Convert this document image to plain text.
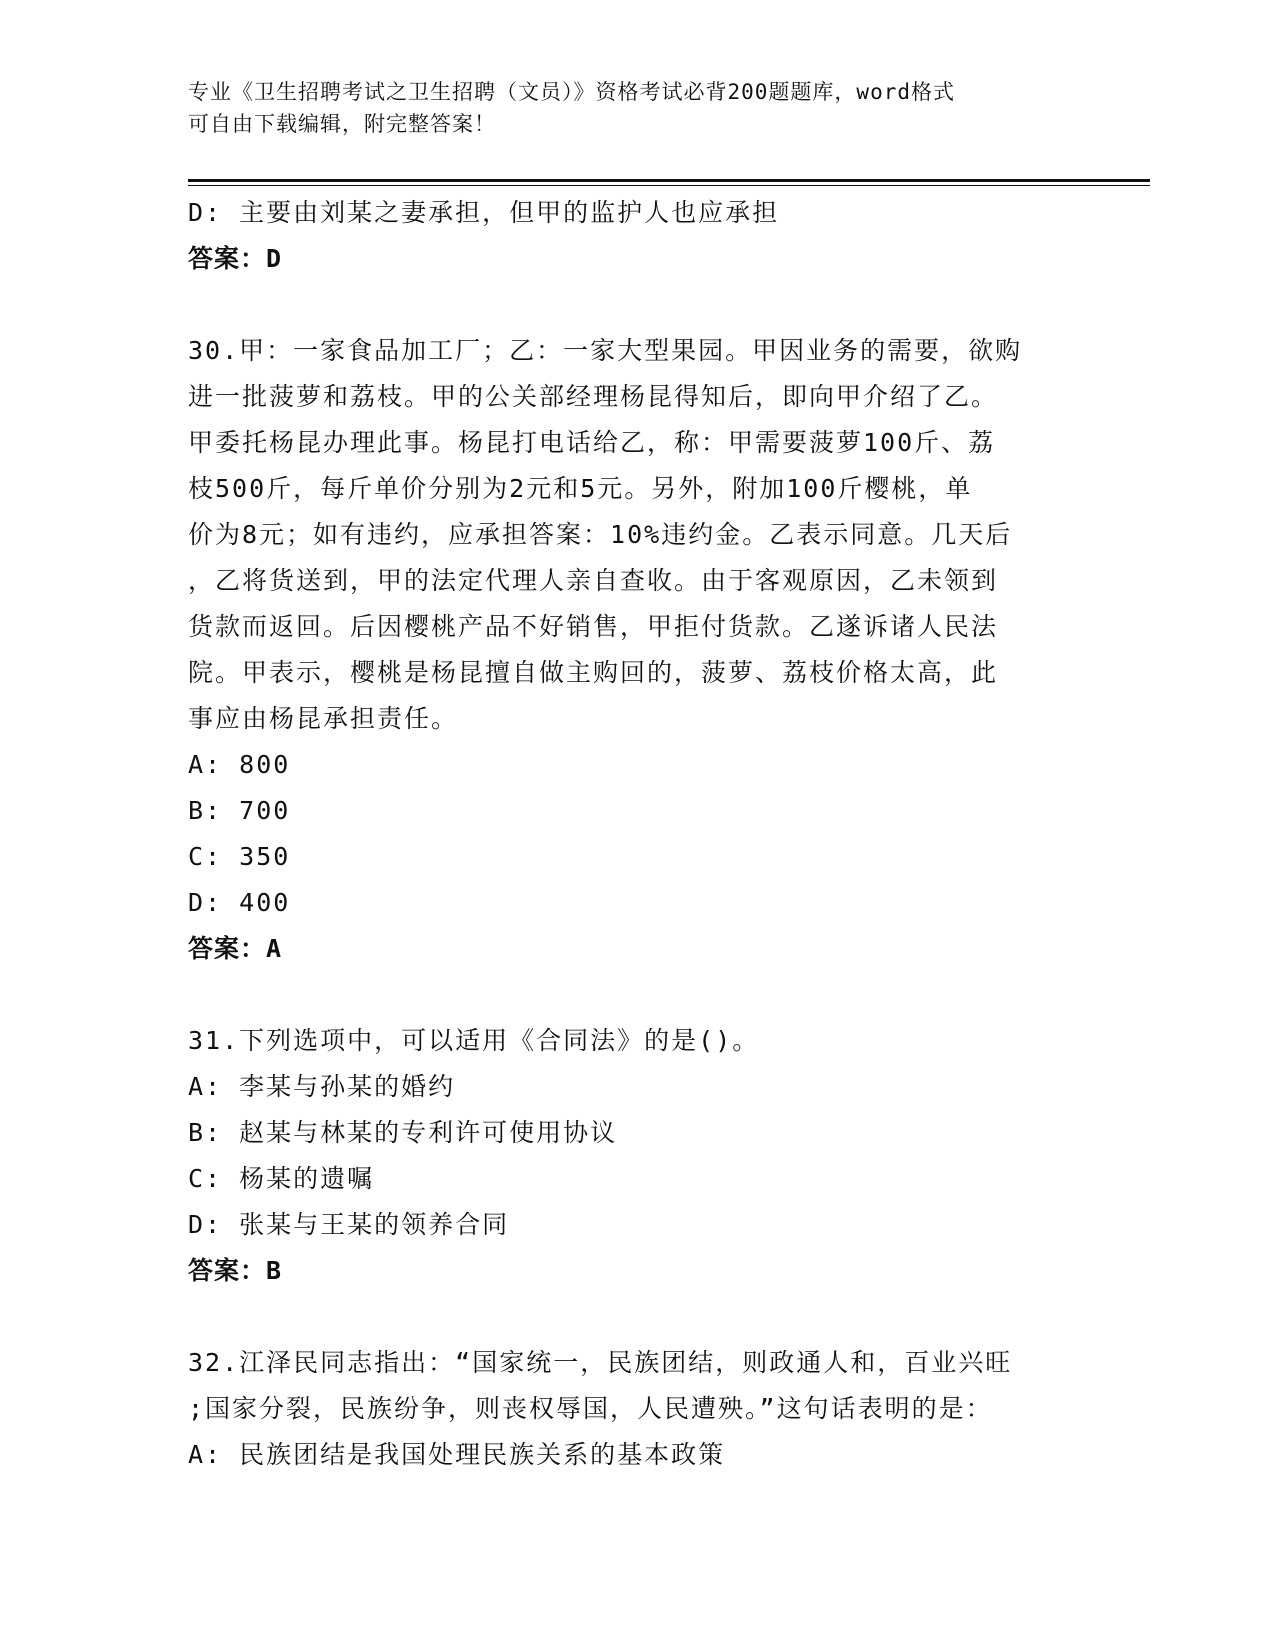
专业《卫生招聘考试之卫生招聘（文员）》资格考试必背200题题库，word格式
可自由下载编辑，附完整答案！
D: 主要由刘某之妻承担，但甲的监护人也应承担
答案：D
30.甲：一家食品加工厂；乙：一家大型果园。甲因业务的需要，欲购
进一批菠萝和荔枝。甲的公关部经理杨昆得知后，即向甲介绍了乙。
甲委托杨昆办理此事。杨昆打电话给乙，称：甲需要菠萝100斤、荔
枝500斤，每斤单价分别为2元和5元。另外，附加100斤樱桃，单
价为8元；如有违约，应承担答案：10%违约金。乙表示同意。几天后
，乙将货送到，甲的法定代理人亲自查收。由于客观原因，乙未领到
货款而返回。后因樱桃产品不好销售，甲拒付货款。乙遂诉诸人民法
院。甲表示，樱桃是杨昆擅自做主购回的，菠萝、荔枝价格太高，此
事应由杨昆承担责任。
A: 800
B: 700
C: 350
D: 400
答案：A
31.下列选项中，可以适用《合同法》的是()。
A: 李某与孙某的婚约
B: 赵某与林某的专利许可使用协议
C: 杨某的遗嘱
D: 张某与王某的领养合同
答案：B
32.江泽民同志指出：“国家统一，民族团结，则政通人和，百业兴旺
;国家分裂，民族纷争，则丧权辱国，人民遭殃。”这句话表明的是：
A: 民族团结是我国处理民族关系的基本政策
